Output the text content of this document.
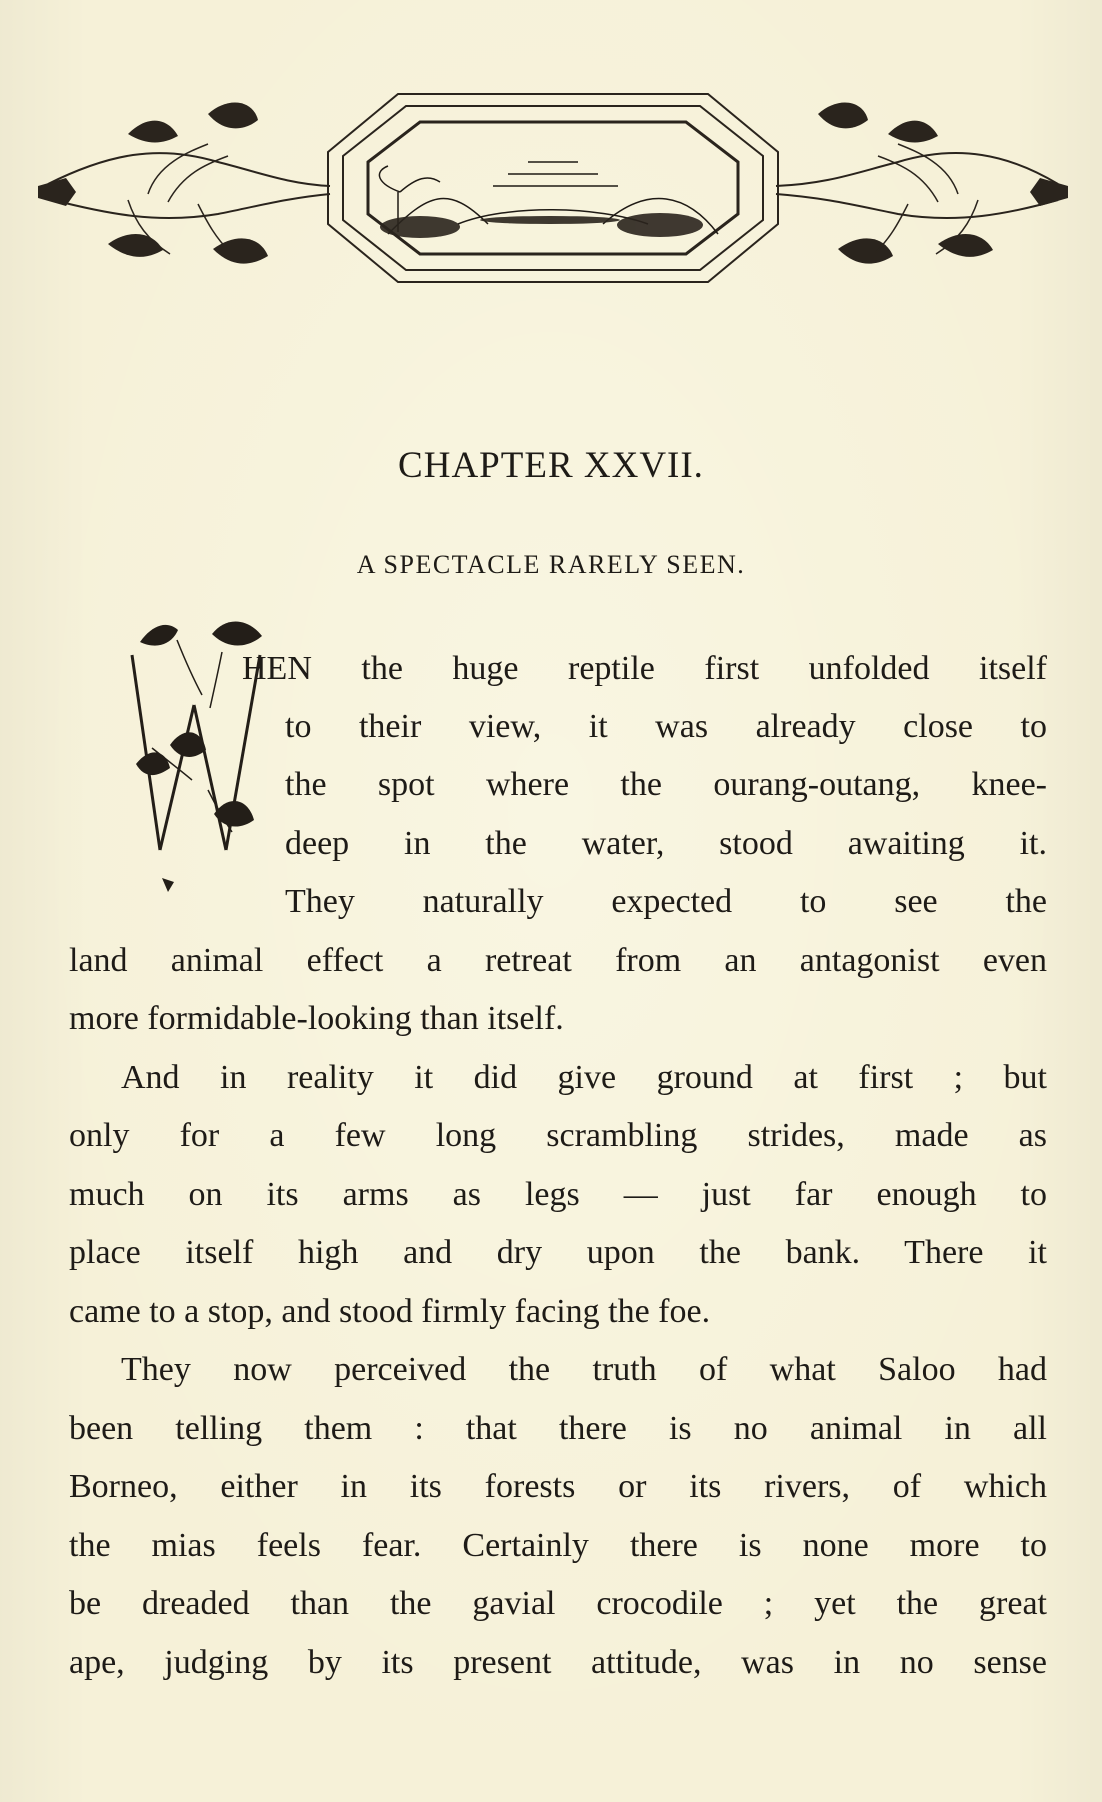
CHAPTER XXVII.
A SPECTACLE RARELY SEEN.
HEN the huge reptile first unfolded itself
to their view, it was already close to
the spot where the ourang-outang, knee-
deep in the water, stood awaiting it.
They naturally expected to see the
land animal effect a retreat from an antagonist even
more formidable-looking than itself.
And in reality it did give ground at first ; but
only for a few long scrambling strides, made as
much on its arms as legs — just far enough to
place itself high and dry upon the bank. There it
came to a stop, and stood firmly facing the foe.
They now perceived the truth of what Saloo had
been telling them : that there is no animal in all
Borneo, either in its forests or its rivers, of which
the mias feels fear. Certainly there is none more to
be dreaded than the gavial crocodile ; yet the great
ape, judging by its present attitude, was in no sense
